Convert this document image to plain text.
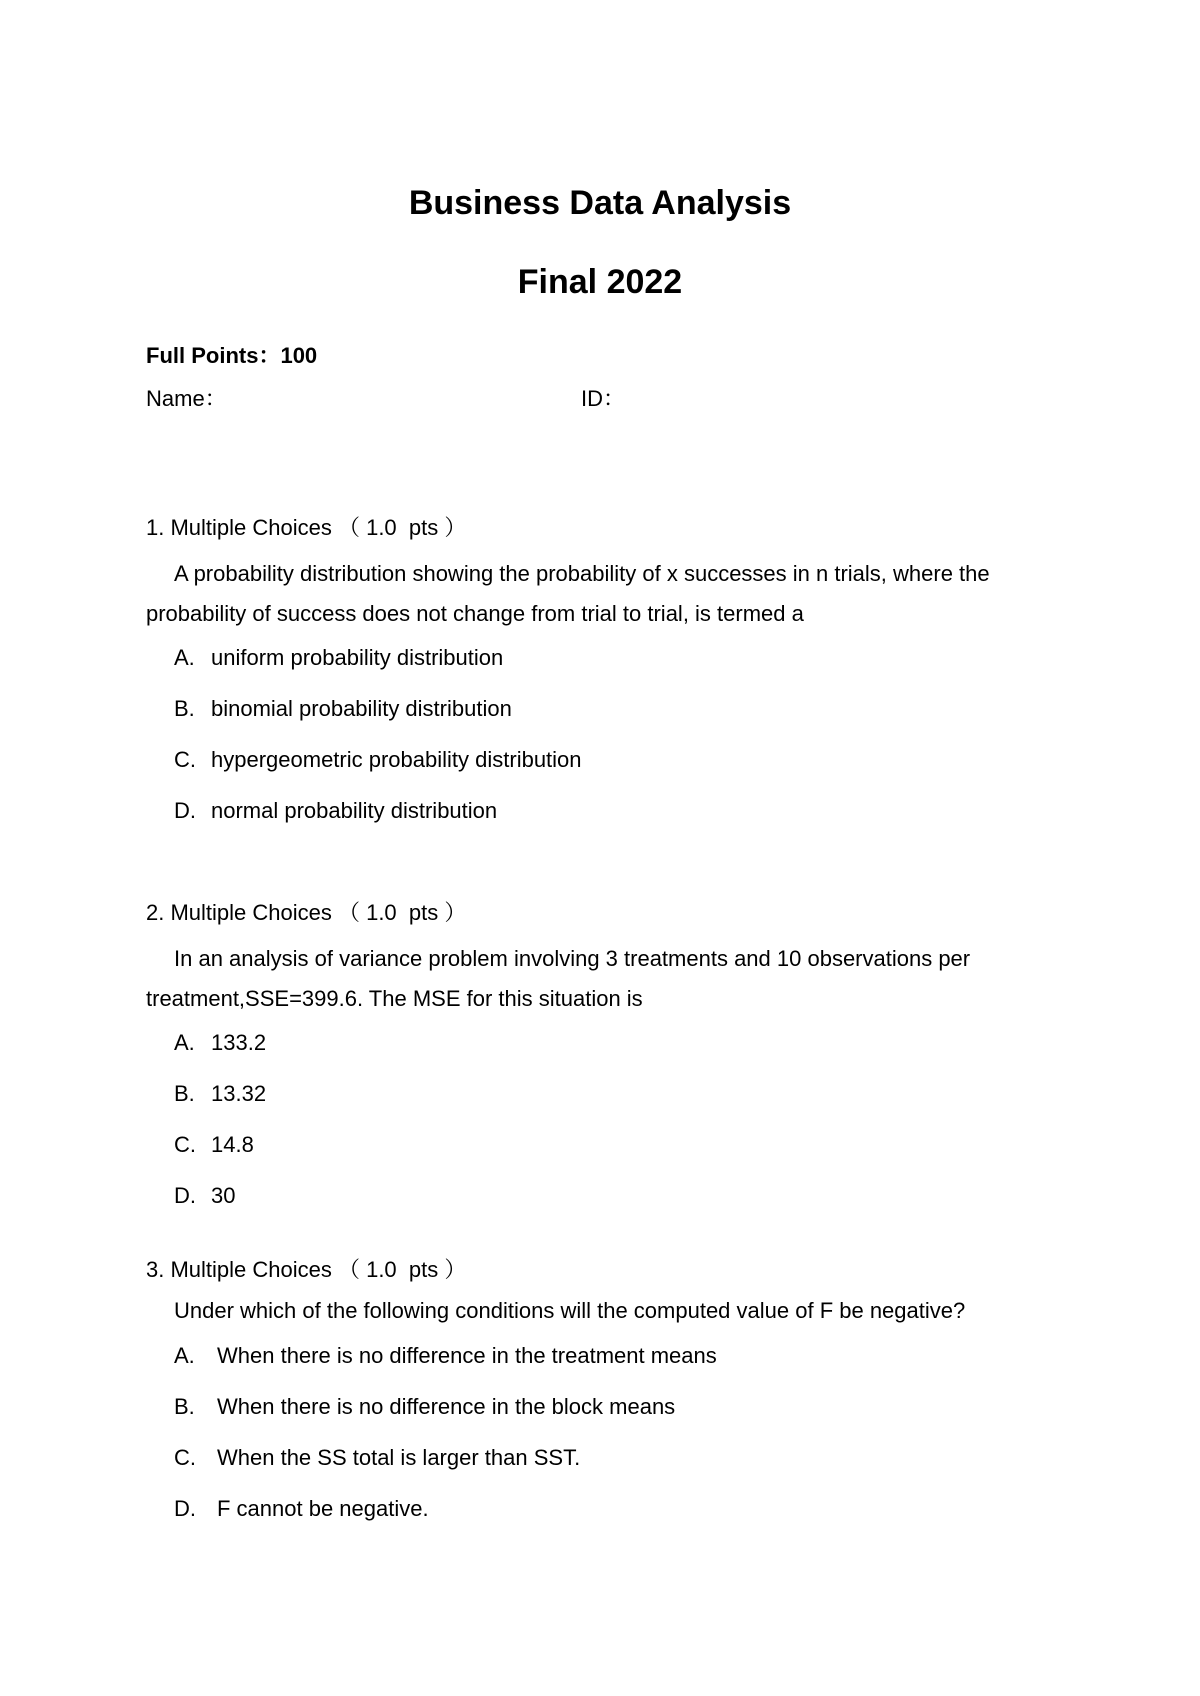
Business Data Analysis
Final 2022
Full Points：100
Name：	ID：
1. Multiple Choices （ 1.0  pts ）
A probability distribution showing the probability of x successes in n trials, where the probability of success does not change from trial to trial, is termed a
A. uniform probability distribution
B. binomial probability distribution
C. hypergeometric probability distribution
D. normal probability distribution
2. Multiple Choices （ 1.0  pts ）
In an analysis of variance problem involving 3 treatments and 10 observations per treatment,SSE=399.6. The MSE for this situation is
A. 133.2
B. 13.32
C. 14.8
D. 30
3. Multiple Choices （ 1.0  pts ）
Under which of the following conditions will the computed value of F be negative?
A.	When there is no difference in the treatment means
B.	When there is no difference in the block means
C. When the SS total is larger than SST.
D. F cannot be negative.
